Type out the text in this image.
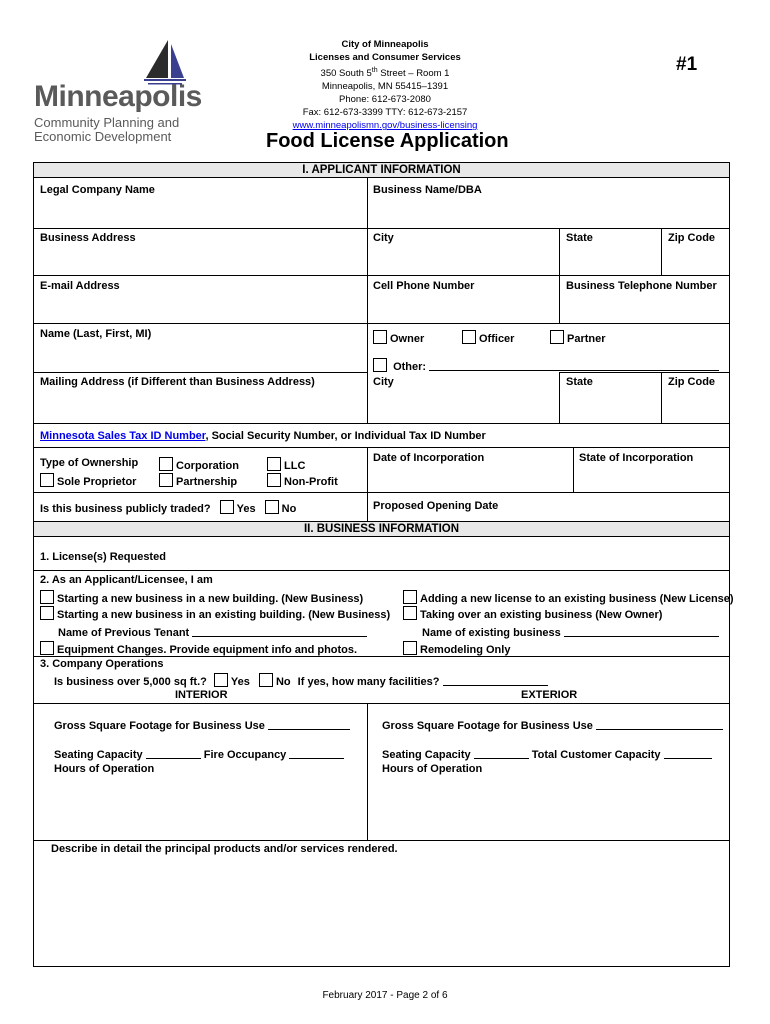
Minneapolis
Community Planning and
Economic Development
City of Minneapolis
Licenses and Consumer Services
350 South 5th Street – Room 1
Minneapolis, MN 55415–1391
Phone: 612-673-2080
Fax: 612-673-3399 TTY: 612-673-2157
www.minneapolismn.gov/business-licensing
#1
Food License Application
I. APPLICANT INFORMATION
Legal Company Name	Business Name/DBA
Business Address	City	State	Zip Code
E-mail Address	Cell Phone Number	Business Telephone Number
Name (Last, First, MI)	Owner	Officer	Partner
Other:
Mailing Address (if Different than Business Address)	City	State	Zip Code
Minnesota Sales Tax ID Number, Social Security Number, or Individual Tax ID Number
Type of Ownership
Sole Proprietor
Corporation
Partnership
LLC
Non-Profit
Date of Incorporation	State of Incorporation
Is this business publicly traded? Yes No	Proposed Opening Date
II. BUSINESS INFORMATION
1. License(s) Requested
2. As an Applicant/Licensee, I am
Starting a new business in a new building. (New Business)
Starting a new business in an existing building. (New Business)
Adding a new license to an existing business (New License)
Taking over an existing business (New Owner)
Name of Previous Tenant	Name of existing business
Equipment Changes. Provide equipment info and photos.	Remodeling Only
3. Company Operations
Is business over 5,000 sq ft.? Yes No If yes, how many facilities?
INTERIOR	EXTERIOR
Gross Square Footage for Business Use	Gross Square Footage for Business Use
Seating Capacity	Fire Occupancy	Seating Capacity	Total Customer Capacity
Hours of Operation	Hours of Operation
Describe in detail the principal products and/or services rendered.
February 2017 - Page 2 of 6
